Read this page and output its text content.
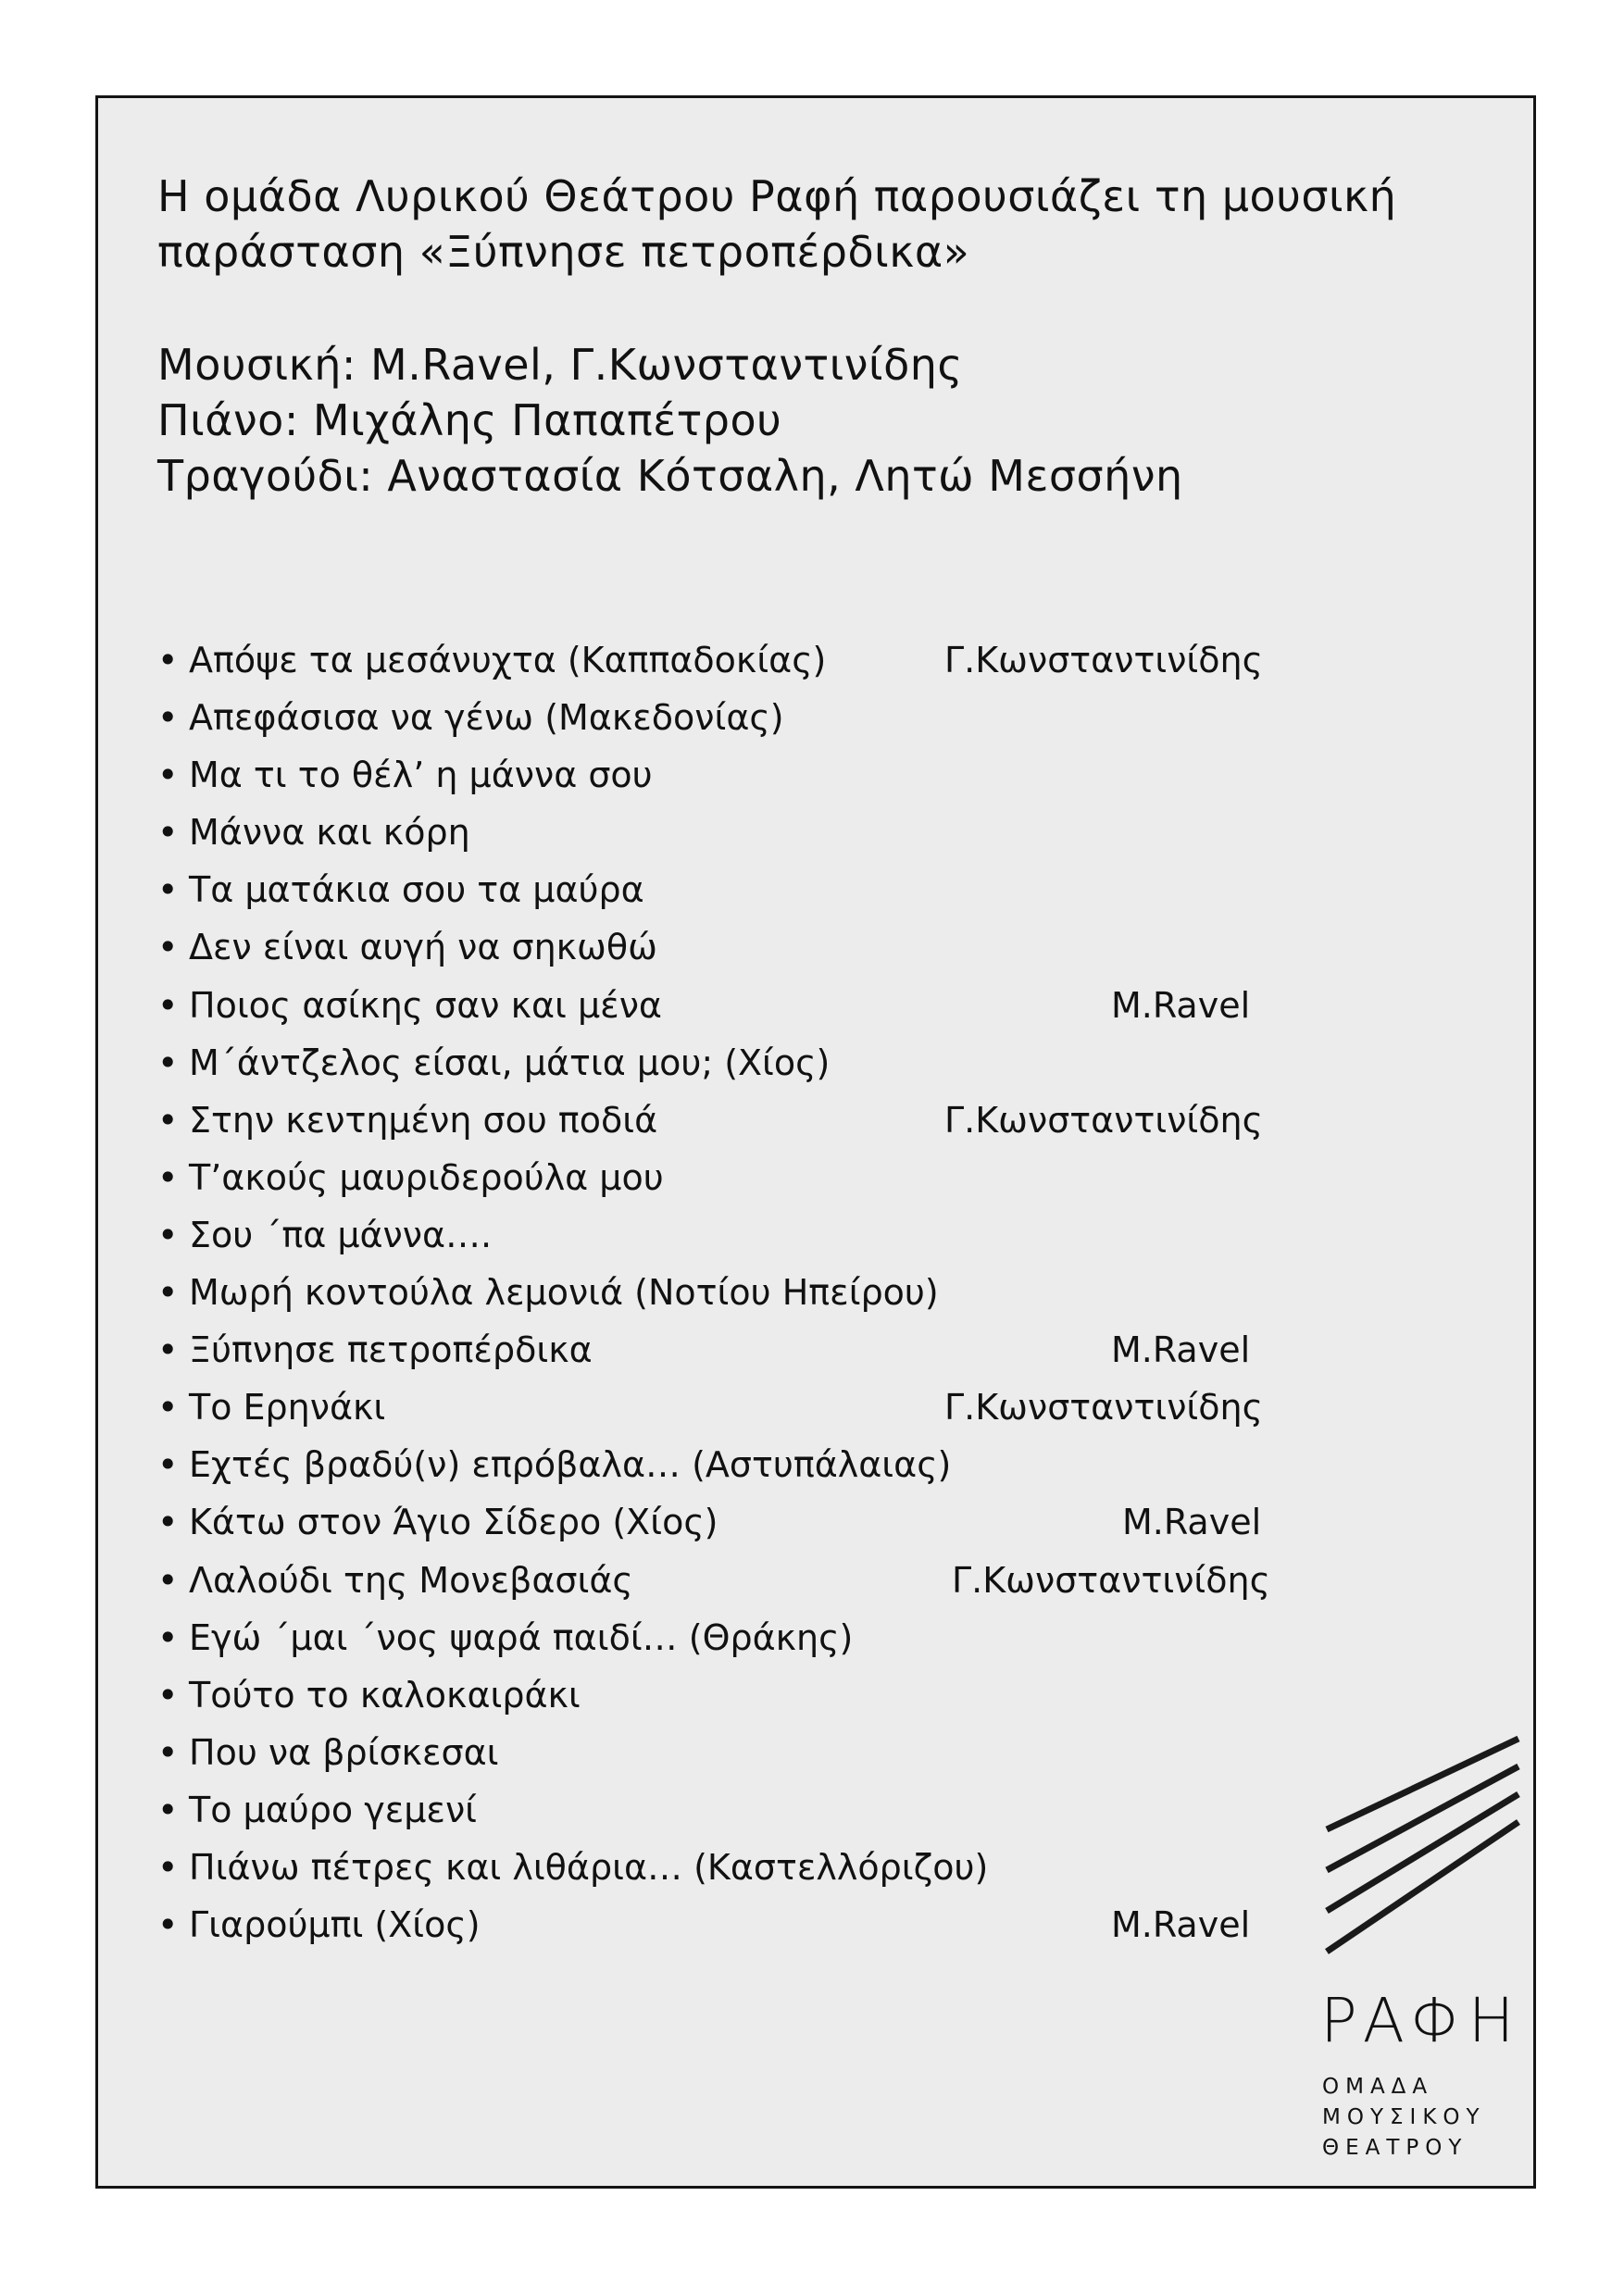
Η ομάδα Λυρικού Θεάτρου Ραφή παρουσιάζει τη μουσική παράσταση «Ξύπνησε πετροπέρδικα»

Μουσική: M.Ravel, Γ.Κωνσταντινίδης
Πιάνο: Μιχάλης Παπαπέτρου
Τραγούδι: Αναστασία Κότσαλη, Λητώ Μεσσήνη
• Απόψε τα μεσάνυχτα (Καππαδοκίας)	Γ.Κωνσταντινίδης
• Απεφάσισα να γένω (Μακεδονίας)
• Μα τι το θέλ’ η μάννα σου
• Μάννα και κόρη
• Τα ματάκια σου τα μαύρα
• Δεν είναι αυγή να σηκωθώ
• Ποιος ασίκης σαν και μένα	M.Ravel
• Μ΄άντζελος είσαι, μάτια μου; (Χίος)
• Στην κεντημένη σου ποδιά	Γ.Κωνσταντινίδης
• Τ’ακούς μαυριδερούλα μου
• Σου ΄πα μάννα….
• Μωρή κοντούλα λεμονιά (Νοτίου Ηπείρου)
• Ξύπνησε πετροπέρδικα	M.Ravel
• Το Ερηνάκι	Γ.Κωνσταντινίδης
• Εχτές βραδύ(ν) επρόβαλα… (Αστυπάλαιας)
• Κάτω στον Άγιο Σίδερο (Χίος)	M.Ravel
• Λαλούδι της Μονεβασιάς	Γ.Κωνσταντινίδης
• Εγώ ΄μαι ΄νος ψαρά παιδί… (Θράκης)
• Τούτο το καλοκαιράκι
• Που να βρίσκεσαι
• Το μαύρο γεμενί
• Πιάνω πέτρες και λιθάρια… (Καστελλόριζου)
• Γιαρούμπι (Χίος)	M.Ravel
ΡΑΦΗ
ΟΜΑΔΑ
ΜΟΥΣΙΚΟΥ
ΘΕΑΤΡΟΥ
